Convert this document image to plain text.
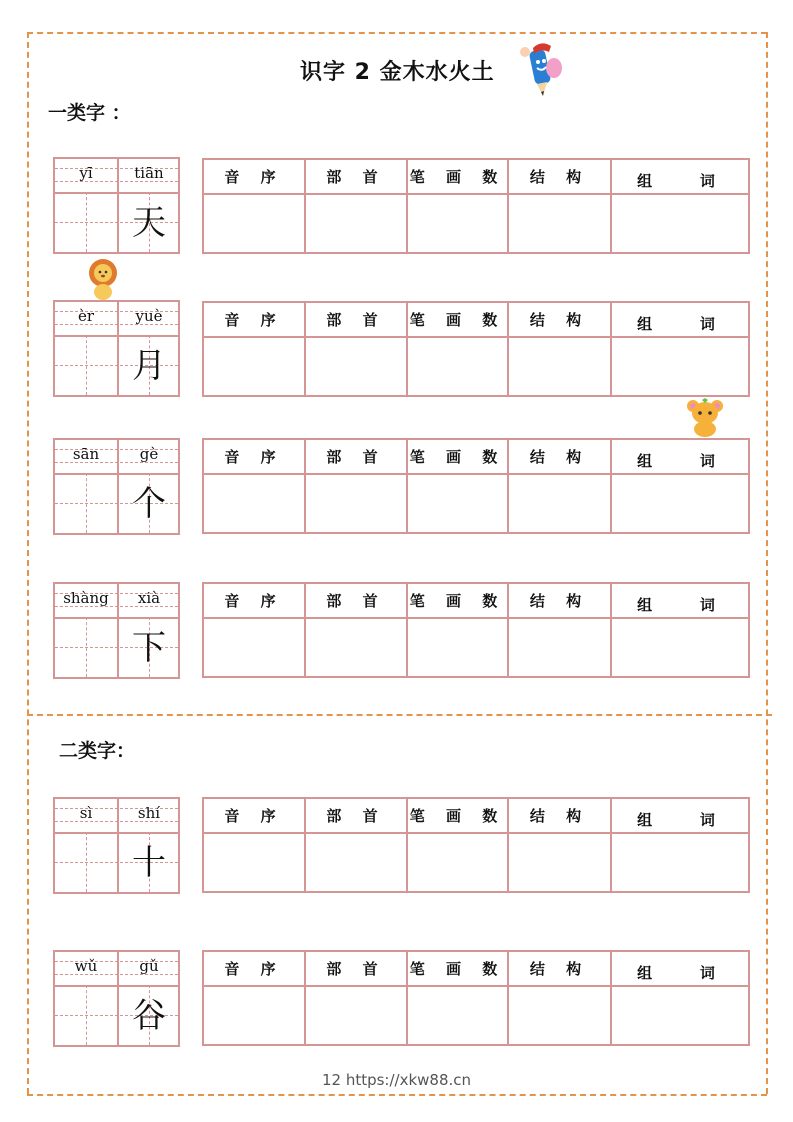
识字 2 金木水火土
一类字 ：
yī	tiān
天
音 序	部 首	笔 画 数	结 构	组   词
èr	yuè
月
音 序	部 首	笔 画 数	结 构	组   词
sān	gè
个
音 序	部 首	笔 画 数	结 构	组   词
shàng	xià
下
音 序	部 首	笔 画 数	结 构	组   词
二类字：
sì	shí
十
音 序	部 首	笔 画 数	结 构	组   词
wǔ	gǔ
谷
音 序	部 首	笔 画 数	结 构	组   词
12 https://xkw88.cn
